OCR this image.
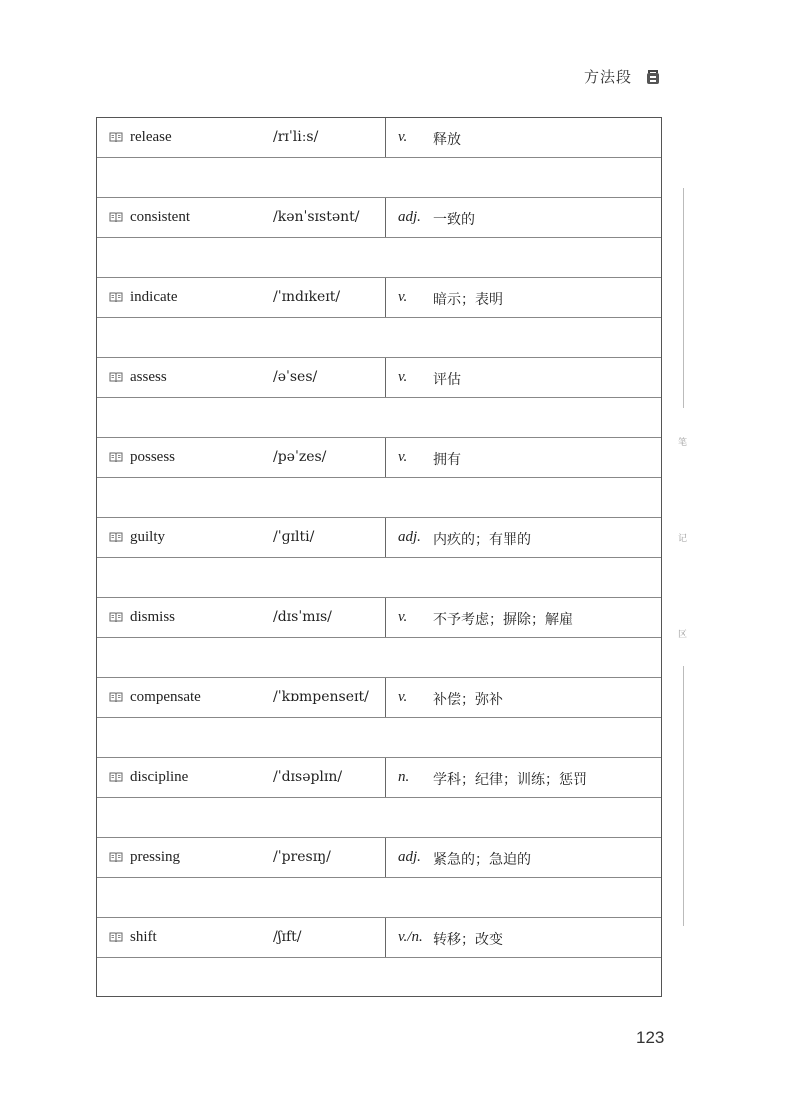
方法段
release	/rɪˈliːs/	v. 释放
consistent	/kənˈsɪstənt/	adj. 一致的
indicate	/ˈɪndɪkeɪt/	v. 暗示；表明
assess	/əˈses/	v. 评估
possess	/pəˈzes/	v. 拥有
guilty	/ˈɡɪlti/	adj. 内疚的；有罪的
dismiss	/dɪsˈmɪs/	v. 不予考虑；摒除；解雇
compensate	/ˈkɒmpenseɪt/ v. 补偿；弥补
discipline	/ˈdɪsəplɪn/	n. 学科；纪律；训练；惩罚
pressing	/ˈpresɪŋ/	adj. 紧急的；急迫的
shift	/ʃɪft/	v./n. 转移；改变
笔
记
区
123
